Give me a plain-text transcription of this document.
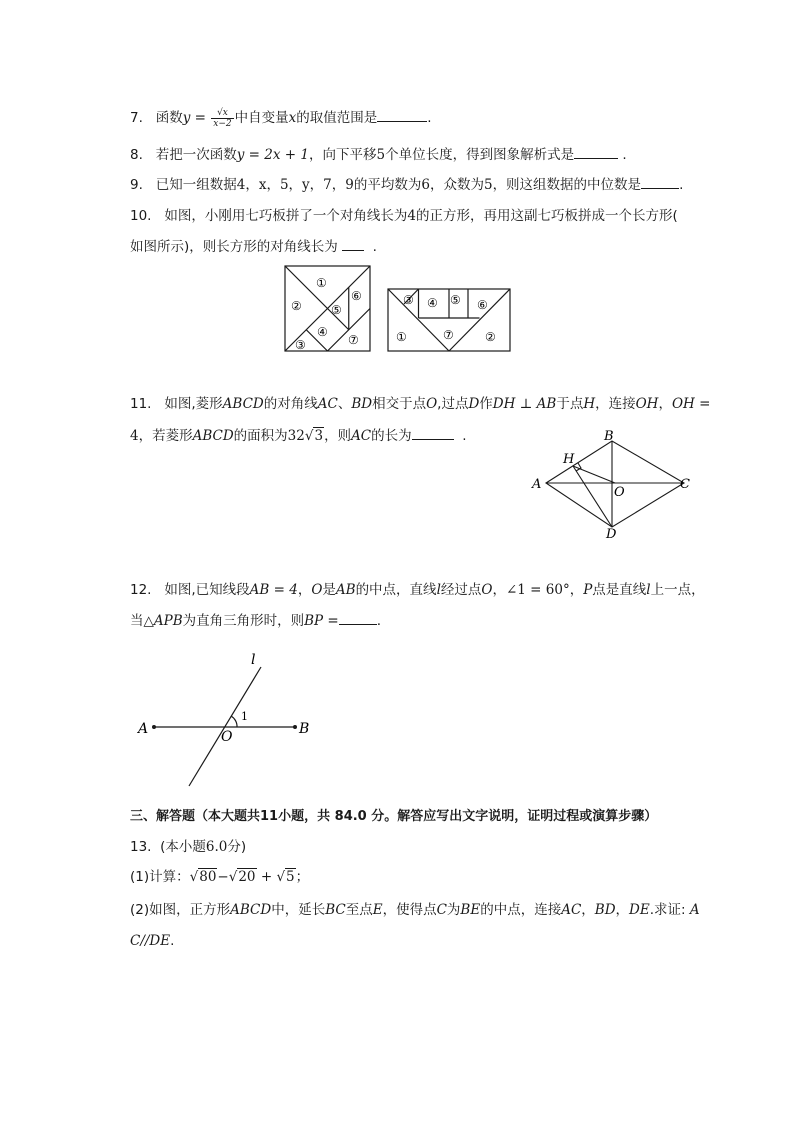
7. 函数$y = \frac{√x}{x-2}$ 中自变量x的取值范围是	.
8. 若把一次函数y = 2x + 1，向下平移5个单位长度，得到图象解析式是	.
9. 已知一组数据4，x，5，y，7，9的平均数为6，众数为5，则这组数据的中位数是	.
10. 如图，小刚用七巧板拼了一个对角线长为4的正方形，再用这副七巧板拼成一个长方形(
如图所示)，则长方形的对角线长为	.
①
②
③
④
⑤
⑥
⑦
③ ④ ⑤ ⑥
①	⑦	②
11. 如图,菱形ABCD的对角线AC、BD相交于点O,过点D作DH ⊥ AB于点H，连接OH，OH =
4，若菱形ABCD的面积为32√3，则AC的长为	.	B
A	C
D
H
O
12. 如图,已知线段AB = 4，O是AB的中点，直线l经过点O，∠1 = 60°，P点是直线l上一点，
当△APB为直角三角形时，则BP =	.
A	B
O
l
1
三、解答题（本大题共11小题，共 84.0 分。解答应写出文字说明，证明过程或演算步骤）
13. (本小题6.0分)
(1)计算：√80−√20 + √5；
(2)如图，正方形ABCD中，延长BC至点E，使得点C为BE的中点，连接AC，BD，DE.求证: A
C//DE.
